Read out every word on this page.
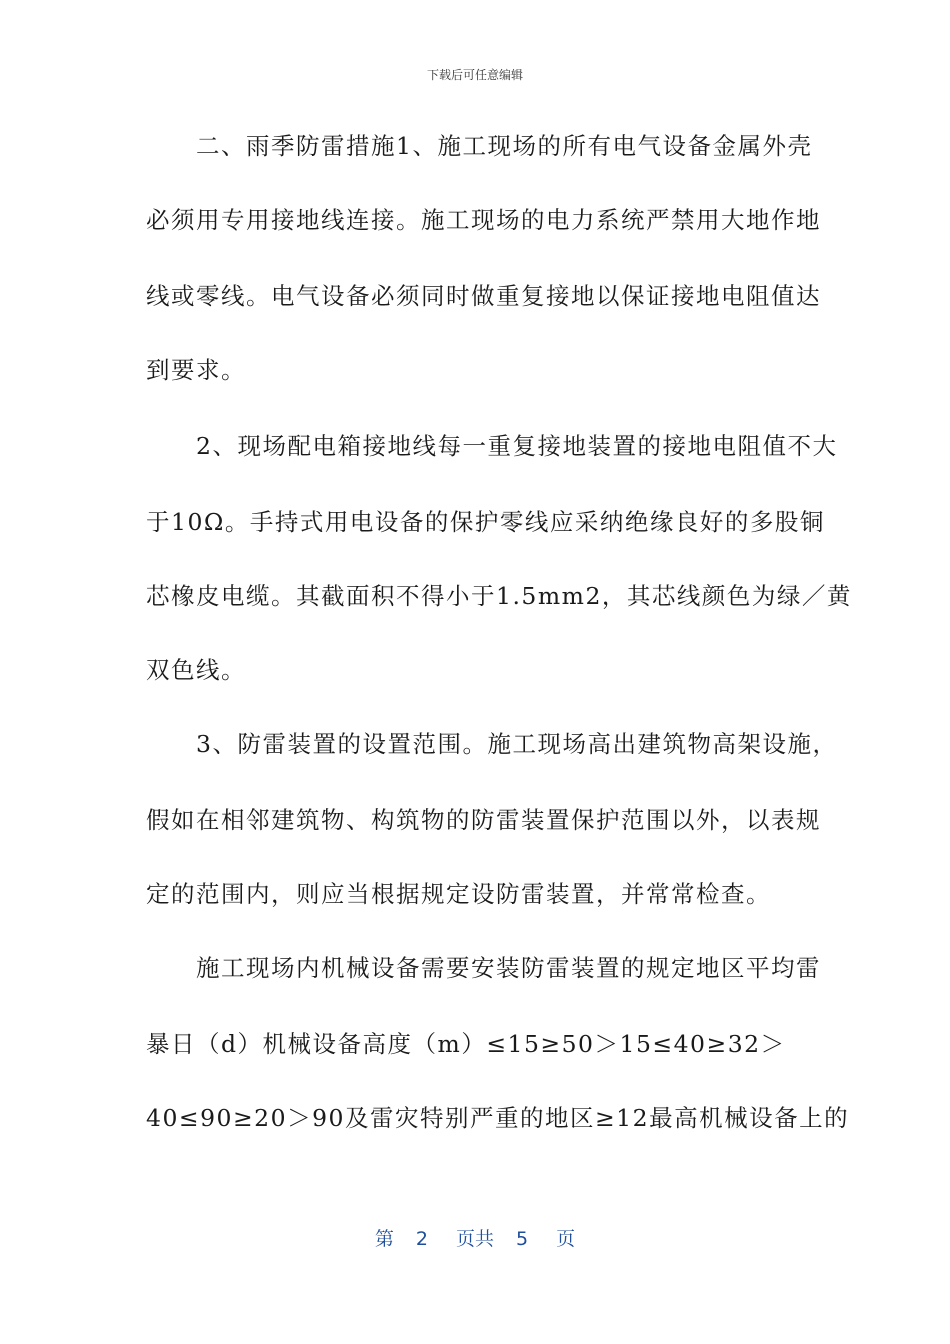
下载后可任意编辑
　　二、雨季防雷措施1、施工现场的所有电气设备金属外壳
必须用专用接地线连接。施工现场的电力系统严禁用大地作地
线或零线。电气设备必须同时做重复接地以保证接地电阻值达
到要求。
　　2、现场配电箱接地线每一重复接地装置的接地电阻值不大
于10Ω。手持式用电设备的保护零线应采纳绝缘良好的多股铜
芯橡皮电缆。其截面积不得小于1.5mm2，其芯线颜色为绿／黄
双色线。
　　3、防雷装置的设置范围。施工现场高出建筑物高架设施，
假如在相邻建筑物、构筑物的防雷装置保护范围以外，以表规
定的范围内，则应当根据规定设防雷装置，并常常检查。
　　施工现场内机械设备需要安装防雷装置的规定地区平均雷
暴日（d）机械设备高度（m）≤15≥50＞15≤40≥32＞
40≤90≥20＞90及雷灾特别严重的地区≥12最高机械设备上的
第 2 页共 5 页
